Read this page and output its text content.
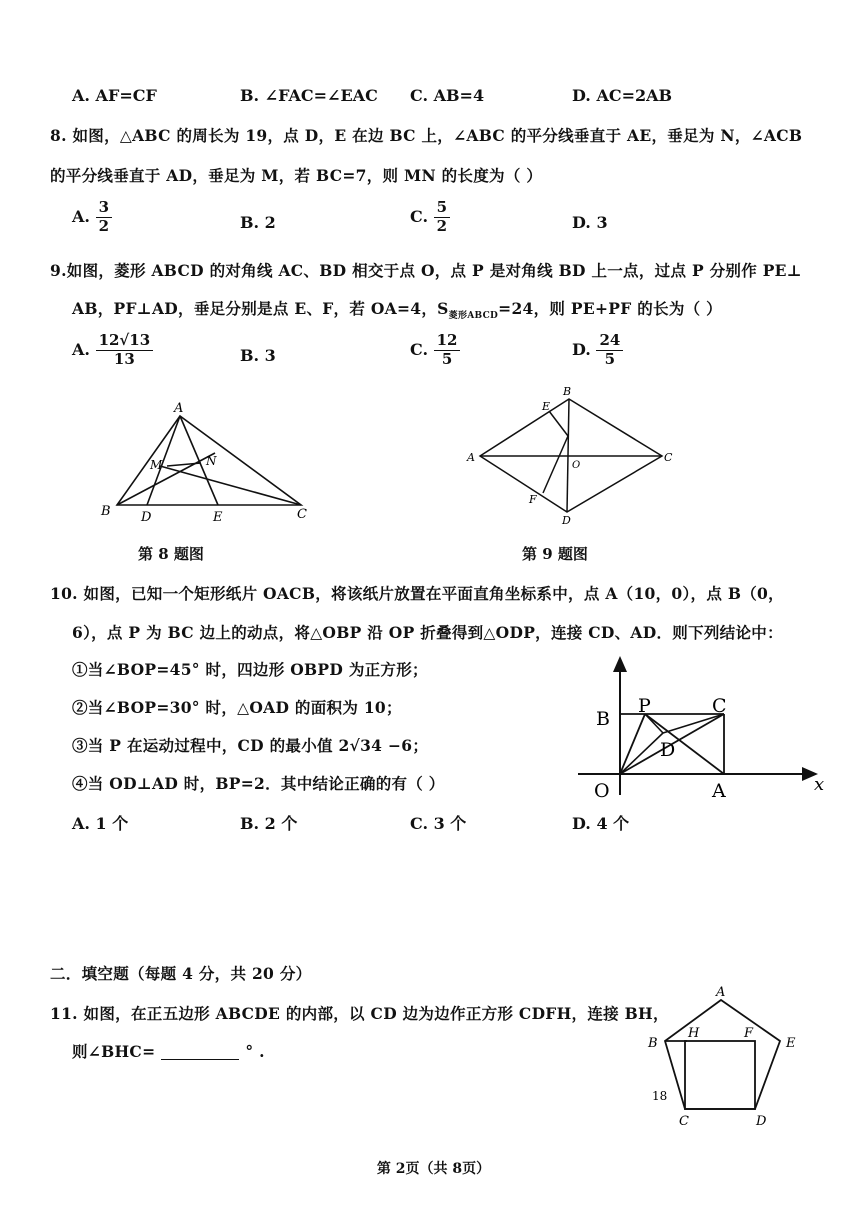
A. AF=CF	B. ∠FAC=∠EAC C. AB=4	D. AC=2AB
8. 如图，△ABC 的周长为 19，点 D，E 在边 BC 上，∠ABC 的平分线垂直于 AE，垂足为 N，∠ACB
的平分线垂直于 AD，垂足为 M，若 BC=7，则 MN 的长度为（ ）
A. $\frac{3}{2}$	B. 2	C. $\frac{5}{2}$	D. 3
9.如图，菱形 ABCD 的对角线 AC、BD 相交于点 O，点 P 是对角线 BD 上一点，过点 P 分别作 PE⊥
AB，PF⊥AD，垂足分别是点 E、F，若 OA=4，$S_{菱形ABCD}=24$，则 PE+PF 的长为（ ）
A. $\frac{12√13}{13}$	B. 3	C. $\frac{12}{5}$	D. $\frac{24}{5}$
A
B	C
D	E
M	N
第 8 题图
B
E
A
O
C
F
D
第 9 题图
10. 如图，已知一个矩形纸片 OACB，将该纸片放置在平面直角坐标系中，点 A（10，0），点 B（0，
6），点 P 为 BC 边上的动点，将△OBP 沿 OP 折叠得到△ODP，连接 CD、AD．则下列结论中：
①当∠BOP=45° 时，四边形 OBPD 为正方形；
②当∠BOP=30° 时，△OAD 的面积为 10；
③当 P 在运动过程中，CD 的最小值 2√34 −6；
④当 OD⊥AD 时，BP=2．其中结论正确的有（ ）
A. 1 个	B. 2 个	C. 3 个	D. 4 个
B
P	C
D
O	A	x
二．填空题（每题 4 分，共 20 分）
11. 如图，在正五边形 ABCDE 的内部，以 CD 边为边作正方形 CDFH，连接 BH，
则∠BHC=	° .
A
B
H	F
E
C	D
18
第 2页（共 8页）
